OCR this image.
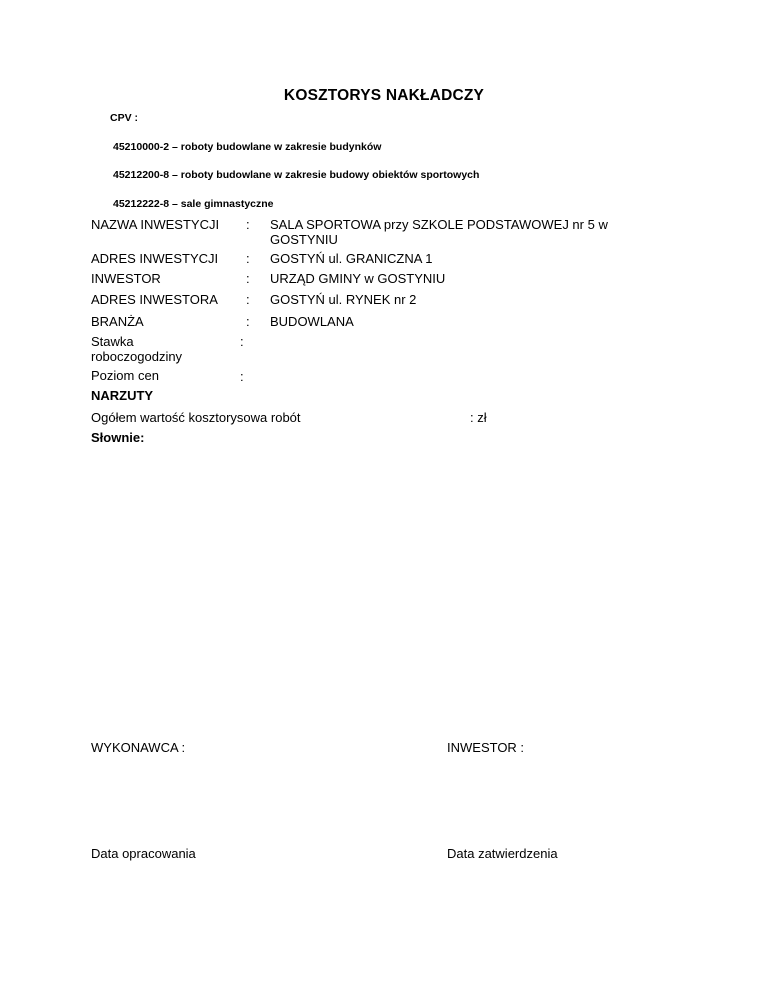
KOSZTORYS NAKŁADCZY
CPV :
45210000-2 – roboty budowlane w zakresie budynków
45212200-8 – roboty budowlane w zakresie budowy obiektów sportowych
45212222-8 – sale gimnastyczne
NAZWA INWESTYCJI : SALA SPORTOWA przy SZKOLE PODSTAWOWEJ nr 5 w GOSTYNIU
ADRES INWESTYCJI : GOSTYŃ ul. GRANICZNA 1
INWESTOR	: URZĄD GMINY w GOSTYNIU
ADRES INWESTORA : GOSTYŃ ul. RYNEK nr 2
BRANŻA	: BUDOWLANA
Stawka
roboczogodziny
:
Poziom cen	:
NARZUTY
Ogółem wartość kosztorysowa robót	: zł
Słownie:
WYKONAWCA :	INWESTOR :
Data opracowania	Data zatwierdzenia
